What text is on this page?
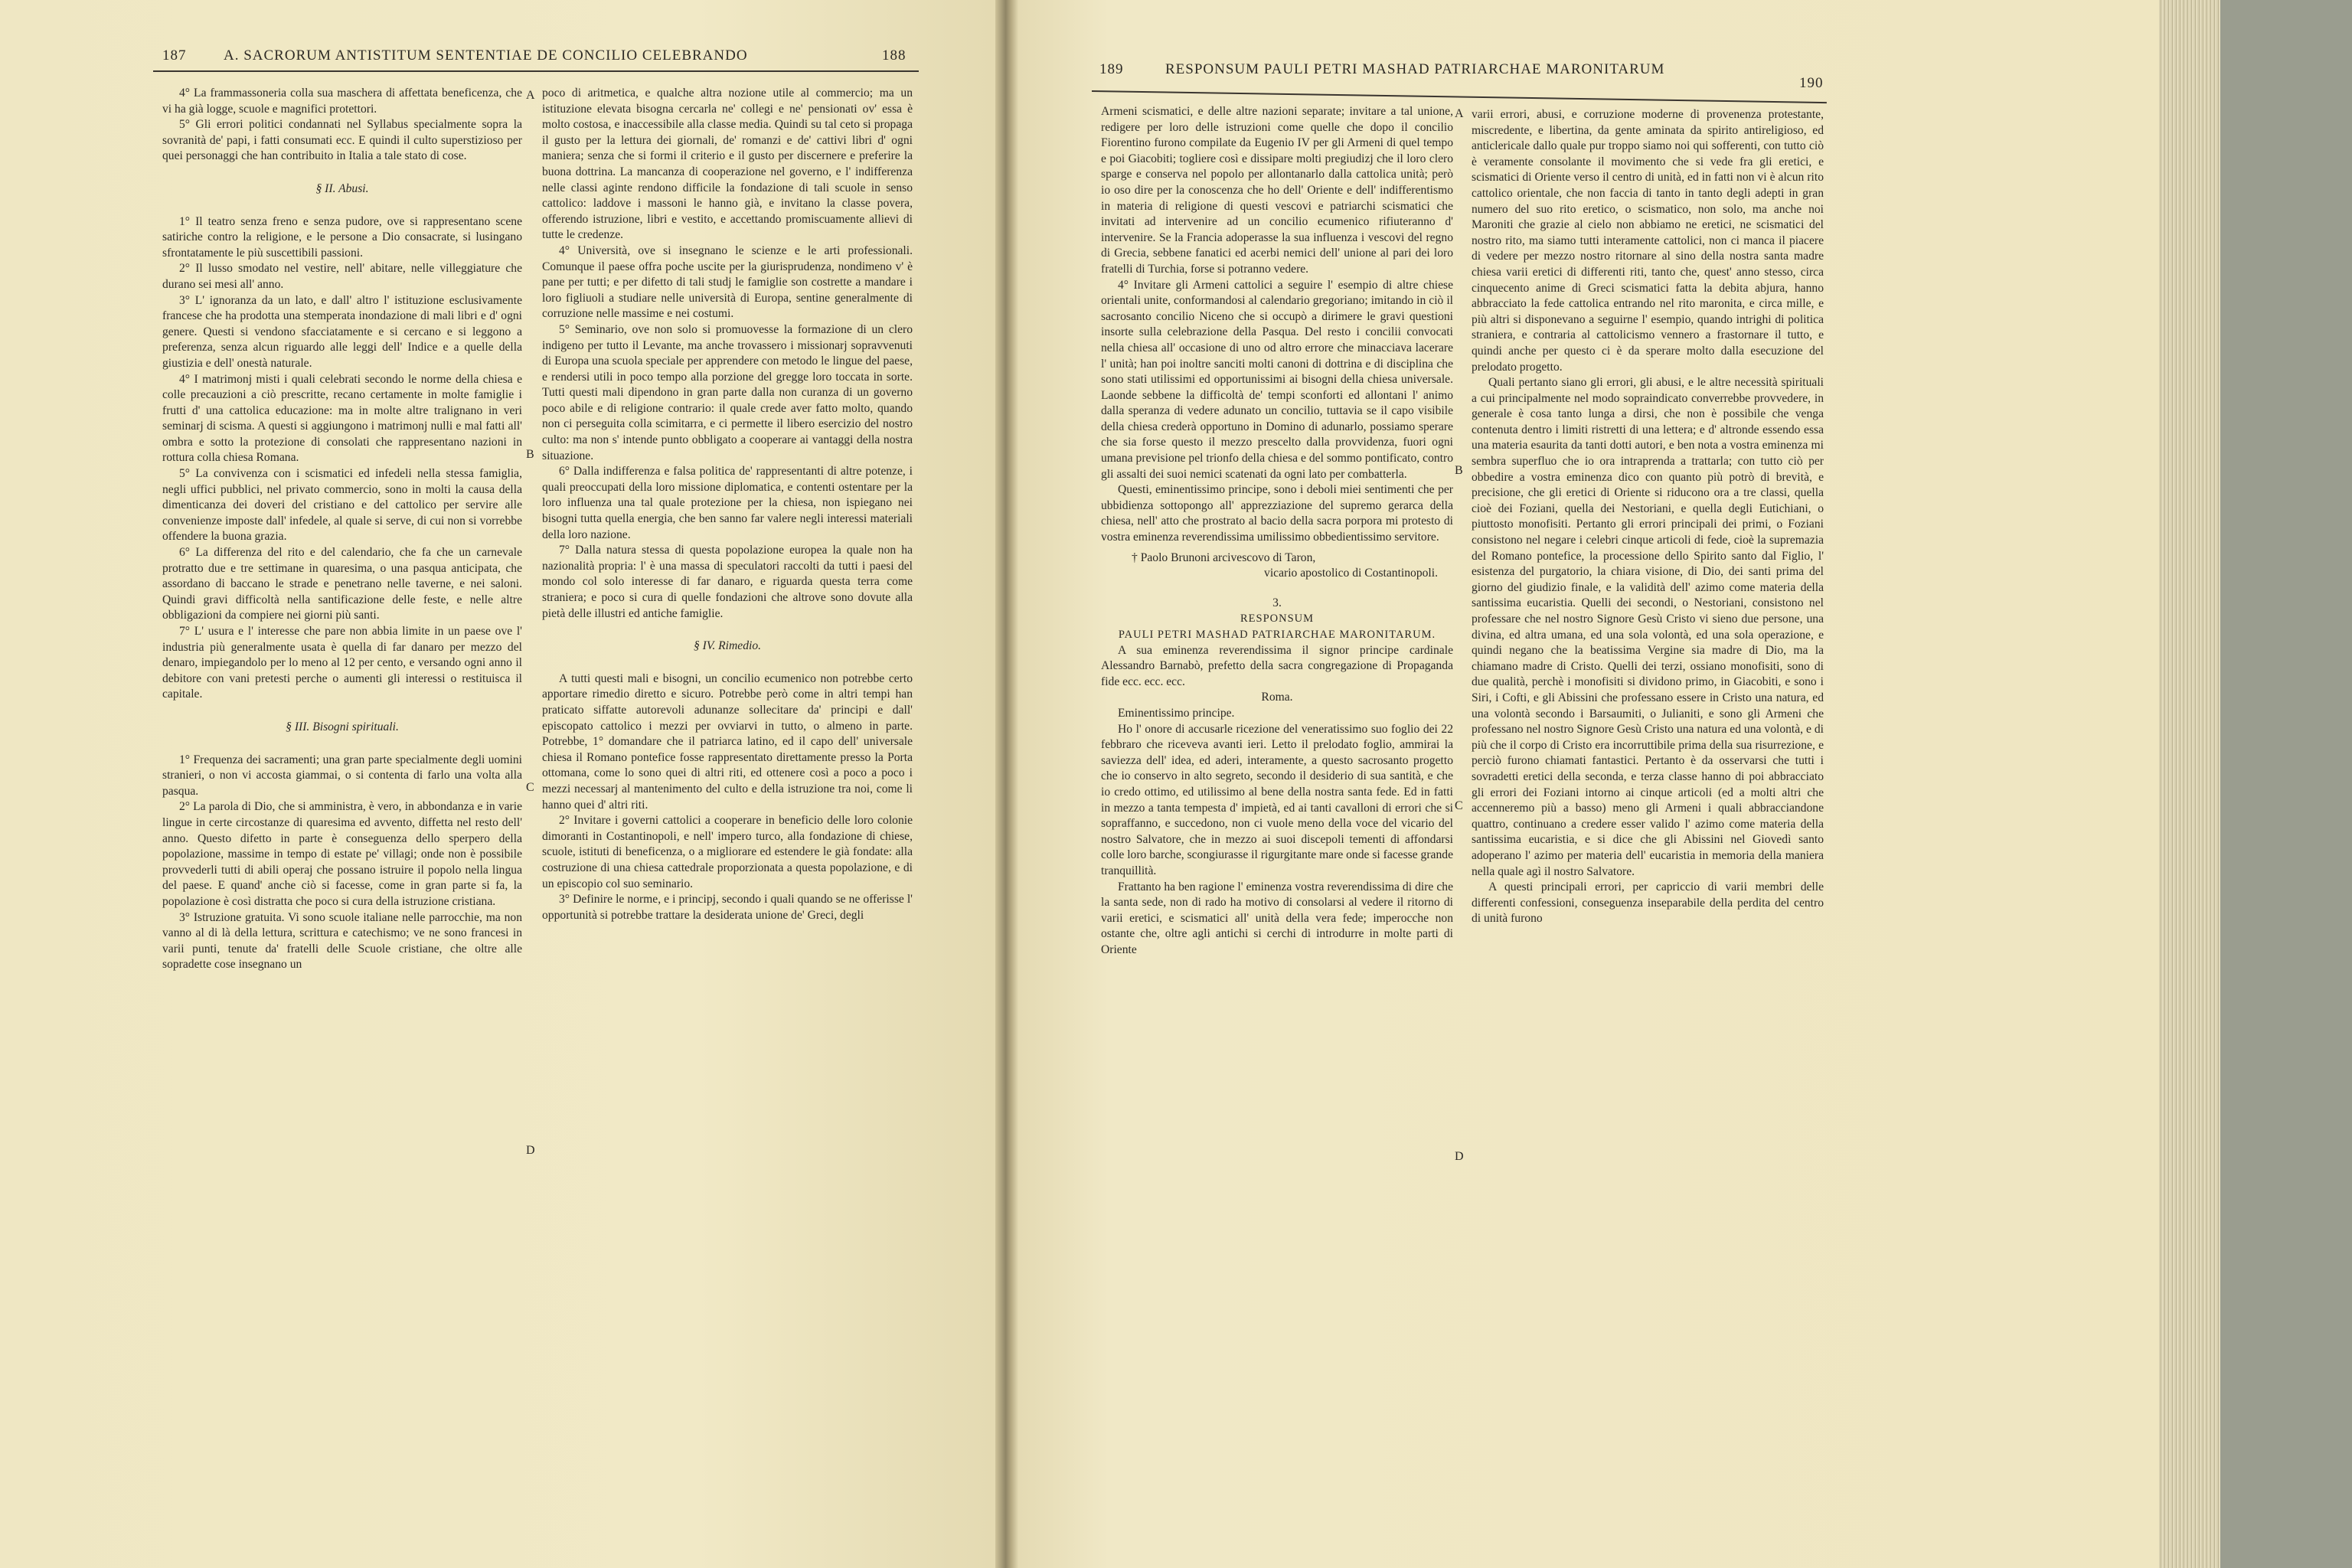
187	A. SACRORUM ANTISTITUM SENTENTIAE DE CONCILIO CELEBRANDO	188

4° La frammassoneria colla sua maschera di affettata beneficenza, che vi ha già logge, scuole e magnifici protettori.

5° Gli errori politici condannati nel Syllabus specialmente sopra la sovranità de' papi, i fatti consumati ecc. E quindi il culto superstizioso per quei personaggi che han contribuito in Italia a tale stato di cose.

§ II. Abusi.

1° Il teatro senza freno e senza pudore, ove si rappresentano scene satiriche contro la religione, e le persone a Dio consacrate, si lusingano sfrontatamente le più suscettibili passioni.

2° Il lusso smodato nel vestire, nell' abitare, nelle villeggiature che durano sei mesi all' anno.

3° L' ignoranza da un lato, e dall' altro l' istituzione esclusivamente francese che ha prodotta una stemperata inondazione di mali libri e d' ogni genere. Questi si vendono sfacciatamente e si cercano e si leggono a preferenza, senza alcun riguardo alle leggi dell' Indice e a quelle della giustizia e dell' onestà naturale.

4° I matrimonj misti i quali celebrati secondo le norme della chiesa e colle precauzioni a ciò prescritte, recano certamente in molte famiglie i frutti d' una cattolica educazione: ma in molte altre tralignano in veri seminarj di scisma. A questi si aggiungono i matrimonj nulli e mal fatti all' ombra e sotto la protezione di consolati che rappresentano nazioni in rottura colla chiesa Romana.

5° La convivenza con i scismatici ed infedeli nella stessa famiglia, negli uffici pubblici, nel privato commercio, sono in molti la causa della dimenticanza dei doveri del cristiano e del cattolico per servire alle convenienze imposte dall' infedele, al quale si serve, di cui non si vorrebbe offendere la buona grazia.

6° La differenza del rito e del calendario, che fa che un carnevale protratto due e tre settimane in quaresima, o una pasqua anticipata, che assordano di baccano le strade e penetrano nelle taverne, e nei saloni. Quindi gravi difficoltà nella santificazione delle feste, e nelle altre obbligazioni da compiere nei giorni più santi.

7° L' usura e l' interesse che pare non abbia limite in un paese ove l' industria più generalmente usata è quella di far danaro per mezzo del denaro, impiegandolo per lo meno al 12 per cento, e versando ogni anno il debitore con vani pretesti perche o aumenti gli interessi o restituisca il capitale.

§ III. Bisogni spirituali.

1° Frequenza dei sacramenti; una gran parte specialmente degli uomini stranieri, o non vi accosta giammai, o si contenta di farlo una volta alla pasqua.

2° La parola di Dio, che si amministra, è vero, in abbondanza e in varie lingue in certe circostanze di quaresima ed avvento, diffetta nel resto dell' anno. Questo difetto in parte è conseguenza dello sperpero della popolazione, massime in tempo di estate pe' villagi; onde non è possibile provvederli tutti di abili operaj che possano istruire il popolo nella lingua del paese. E quand' anche ciò si facesse, come in gran parte si fa, la popolazione è così distratta che poco si cura della istruzione cristiana.

3° Istruzione gratuita. Vi sono scuole italiane nelle parrocchie, ma non vanno al di là della lettura, scrittura e catechismo; ve ne sono francesi in varii punti, tenute da' fratelli delle Scuole cristiane, che oltre alle sopradette cose insegnano un

A
B
C
D

poco di aritmetica, e qualche altra nozione utile al commercio; ma un istituzione elevata bisogna cercarla ne' collegi e ne' pensionati ov' essa è molto costosa, e inaccessibile alla classe media. Quindi su tal ceto si propaga il gusto per la lettura dei giornali, de' romanzi e de' cattivi libri d' ogni maniera; senza che si formi il criterio e il gusto per discernere e preferire la buona dottrina. La mancanza di cooperazione nel governo, e l' indifferenza nelle classi aginte rendono difficile la fondazione di tali scuole in senso cattolico: laddove i massoni le hanno già, e invitano la classe povera, offerendo istruzione, libri e vestito, e accettando promiscuamente allievi di tutte le credenze.

4° Università, ove si insegnano le scienze e le arti professionali. Comunque il paese offra poche uscite per la giurisprudenza, nondimeno v' è pane per tutti; e per difetto di tali studj le famiglie son costrette a mandare i loro figliuoli a studiare nelle università di Europa, sentine generalmente di corruzione nelle massime e nei costumi.

5° Seminario, ove non solo si promuovesse la formazione di un clero indigeno per tutto il Levante, ma anche trovassero i missionarj sopravvenuti di Europa una scuola speciale per apprendere con metodo le lingue del paese, e rendersi utili in poco tempo alla porzione del gregge loro toccata in sorte. Tutti questi mali dipendono in gran parte dalla non curanza di un governo poco abile e di religione contrario: il quale crede aver fatto molto, quando non ci perseguita colla scimitarra, e ci permette il libero esercizio del nostro culto: ma non s' intende punto obbligato a cooperare ai vantaggi della nostra situazione.

6° Dalla indifferenza e falsa politica de' rappresentanti di altre potenze, i quali preoccupati della loro missione diplomatica, e contenti ostentare per la loro influenza una tal quale protezione per la chiesa, non ispiegano nei bisogni tutta quella energia, che ben sanno far valere negli interessi materiali della loro nazione.

7° Dalla natura stessa di questa popolazione europea la quale non ha nazionalità propria: l' è una massa di speculatori raccolti da tutti i paesi del mondo col solo interesse di far danaro, e riguarda questa terra come straniera; e poco si cura di quelle fondazioni che altrove sono dovute alla pietà delle illustri ed antiche famiglie.

§ IV. Rimedio.

A tutti questi mali e bisogni, un concilio ecumenico non potrebbe certo apportare rimedio diretto e sicuro. Potrebbe però come in altri tempi han praticato siffatte autorevoli adunanze sollecitare da' principi e dall' episcopato cattolico i mezzi per ovviarvi in tutto, o almeno in parte. Potrebbe, 1° domandare che il patriarca latino, ed il capo dell' universale chiesa il Romano pontefice fosse rappresentato direttamente presso la Porta ottomana, come lo sono quei di altri riti, ed ottenere così a poco a poco i mezzi necessarj al mantenimento del culto e della istruzione tra noi, come li hanno quei d' altri riti.

2° Invitare i governi cattolici a cooperare in beneficio delle loro colonie dimoranti in Costantinopoli, e nell' impero turco, alla fondazione di chiese, scuole, istituti di beneficenza, o a migliorare ed estendere le già fondate: alla costruzione di una chiesa cattedrale proporzionata a questa popolazione, e di un episcopio col suo seminario.

3° Definire le norme, e i principj, secondo i quali quando se ne offerisse l' opportunità si potrebbe trattare la desiderata unione de' Greci, degli

189	RESPONSUM PAULI PETRI MASHAD PATRIARCHAE MARONITARUM
190

Armeni scismatici, e delle altre nazioni separate; invitare a tal unione, redigere per loro delle istruzioni come quelle che dopo il concilio Fiorentino furono compilate da Eugenio IV per gli Armeni di quel tempo e poi Giacobiti; togliere così e dissipare molti pregiudizj che il loro clero sparge e conserva nel popolo per allontanarlo dalla cattolica unità; però io oso dire per la conoscenza che ho dell' Oriente e dell' indifferentismo in materia di religione di questi vescovi e patriarchi scismatici che invitati ad intervenire ad un concilio ecumenico rifiuteranno d' intervenire. Se la Francia adoperasse la sua influenza i vescovi del regno di Grecia, sebbene fanatici ed acerbi nemici dell' unione al pari dei loro fratelli di Turchia, forse si potranno vedere.

4° Invitare gli Armeni cattolici a seguire l' esempio di altre chiese orientali unite, conformandosi al calendario gregoriano; imitando in ciò il sacrosanto concilio Niceno che si occupò a dirimere le gravi questioni insorte sulla celebrazione della Pasqua. Del resto i concilii convocati nella chiesa all' occasione di uno od altro errore che minacciava lacerare l' unità; han poi inoltre sanciti molti canoni di dottrina e di disciplina che sono stati utilissimi ed opportunissimi ai bisogni della chiesa universale. Laonde sebbene la difficoltà de' tempi sconforti ed allontani l' animo dalla speranza di vedere adunato un concilio, tuttavia se il capo visibile della chiesa crederà opportuno in Domino di adunarlo, possiamo sperare che sia forse questo il mezzo prescelto dalla provvidenza, fuori ogni umana previsione pel trionfo della chiesa e del sommo pontificato, contro gli assalti dei suoi nemici scatenati da ogni lato per combatterla.

Questi, eminentissimo principe, sono i deboli miei sentimenti che per ubbidienza sottopongo all' apprezziazione del supremo gerarca della chiesa, nell' atto che prostrato al bacio della sacra porpora mi protesto di vostra eminenza reverendissima umilissimo obbedientissimo servitore.

† Paolo Brunoni arcivescovo di Taron,

vicario apostolico di Costantinopoli.

3.

RESPONSUM

PAULI PETRI MASHAD PATRIARCHAE MARONITARUM.

A sua eminenza reverendissima il signor principe cardinale Alessandro Barnabò, prefetto della sacra congregazione di Propaganda fide ecc. ecc. ecc.

Roma.

Eminentissimo principe.

Ho l' onore di accusarle ricezione del veneratissimo suo foglio dei 22 febbraro che riceveva avanti ieri. Letto il prelodato foglio, ammirai la saviezza dell' idea, ed aderi, interamente, a questo sacrosanto progetto che io conservo in alto segreto, secondo il desiderio di sua santità, e che io credo ottimo, ed utilissimo al bene della nostra santa fede. Ed in fatti in mezzo a tanta tempesta d' impietà, ed ai tanti cavalloni di errori che si sopraffanno, e succedono, non ci vuole meno della voce del vicario del nostro Salvatore, che in mezzo ai suoi discepoli tementi di affondarsi colle loro barche, scongiurasse il rigurgitante mare onde si facesse grande tranquillità.

Frattanto ha ben ragione l' eminenza vostra reverendissima di dire che la santa sede, non di rado ha motivo di consolarsi al vedere il ritorno di varii eretici, e scismatici all' unità della vera fede; imperocche non ostante che, oltre agli antichi si cerchi di introdurre in molte parti di Oriente

A
B
C
D

varii errori, abusi, e corruzione moderne di provenenza protestante, miscredente, e libertina, da gente aminata da spirito antireligioso, ed anticlericale dallo quale pur troppo siamo noi qui sofferenti, con tutto ciò è veramente consolante il movimento che si vede fra gli eretici, e scismatici di Oriente verso il centro di unità, ed in fatti non vi è alcun rito cattolico orientale, che non faccia di tanto in tanto degli adepti in gran numero del suo rito eretico, o scismatico, non solo, ma anche noi Maroniti che grazie al cielo non abbiamo ne eretici, ne scismatici del nostro rito, ma siamo tutti interamente cattolici, non ci manca il piacere di vedere per mezzo nostro ritornare al sino della nostra santa madre chiesa varii eretici di differenti riti, tanto che, quest' anno stesso, circa cinquecento anime di Greci scismatici fatta la debita abjura, hanno abbracciato la fede cattolica entrando nel rito maronita, e circa mille, e più altri si disponevano a seguirne l' esempio, quando intrighi di politica straniera, e contraria al cattolicismo vennero a frastornare il tutto, e quindi anche per questo ci è da sperare molto dalla esecuzione del prelodato progetto.

Quali pertanto siano gli errori, gli abusi, e le altre necessità spirituali a cui principalmente nel modo sopraindicato converrebbe provvedere, in generale è cosa tanto lunga a dirsi, che non è possibile che venga contenuta dentro i limiti ristretti di una lettera; e d' altronde essendo essa una materia esaurita da tanti dotti autori, e ben nota a vostra eminenza mi sembra superfluo che io ora intraprenda a trattarla; con tutto ciò per obbedire a vostra eminenza dico con quanto più potrò di brevità, e precisione, che gli eretici di Oriente si riducono ora a tre classi, quella cioè dei Foziani, quella dei Nestoriani, e quella degli Eutichiani, o piuttosto monofisiti. Pertanto gli errori principali dei primi, o Foziani consistono nel negare i celebri cinque articoli di fede, cioè la supremazia del Romano pontefice, la processione dello Spirito santo dal Figlio, l' esistenza del purgatorio, la chiara visione, di Dio, dei santi prima del giorno del giudizio finale, e la validità dell' azimo come materia della santissima eucaristia. Quelli dei secondi, o Nestoriani, consistono nel professare che nel nostro Signore Gesù Cristo vi sieno due persone, una divina, ed altra umana, ed una sola volontà, ed una sola operazione, e quindi negano che la beatissima Vergine sia madre di Dio, ma la chiamano madre di Cristo. Quelli dei terzi, ossiano monofisiti, sono di due qualità, perchè i monofisiti si dividono primo, in Giacobiti, e sono i Siri, i Cofti, e gli Abissini che professano essere in Cristo una natura, ed una volontà secondo i Barsaumiti, o Julianiti, e sono gli Armeni che professano nel nostro Signore Gesù Cristo una natura ed una volontà, e di più che il corpo di Cristo era incorruttibile prima della sua risurrezione, e perciò furono chiamati fantastici. Pertanto è da osservarsi che tutti i sovradetti eretici della seconda, e terza classe hanno di poi abbracciato gli errori dei Foziani intorno ai cinque articoli (ed a molti altri che accenneremo più a basso) meno gli Armeni i quali abbracciandone quattro, continuano a credere esser valido l' azimo come materia della santissima eucaristia, e si dice che gli Abissini nel Giovedì santo adoperano l' azimo per materia dell' eucaristia in memoria della maniera nella quale agì il nostro Salvatore.

A questi principali errori, per capriccio di varii membri delle differenti confessioni, conseguenza inseparabile della perdita del centro di unità furono
